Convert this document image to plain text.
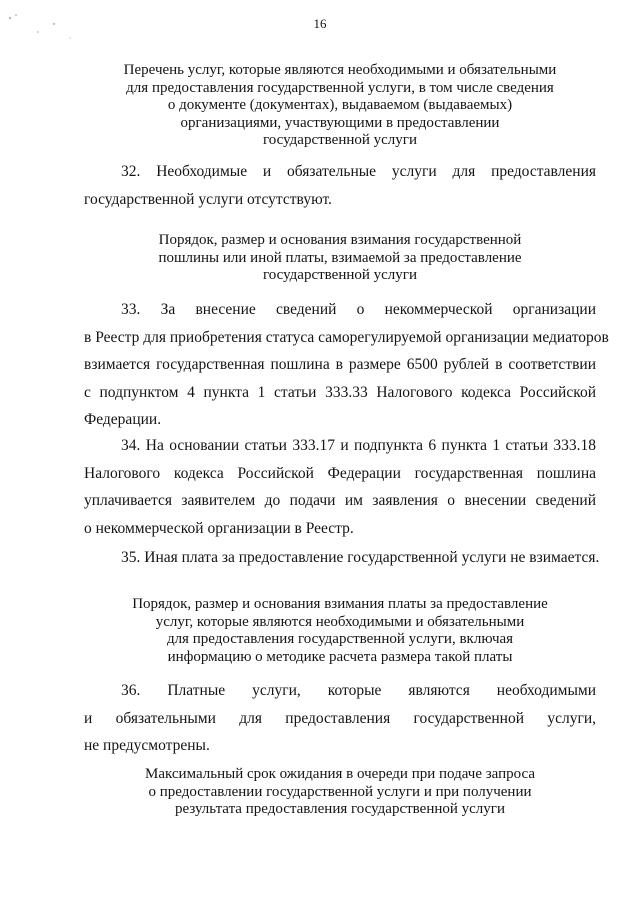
16
Перечень услуг, которые являются необходимыми и обязательными
для предоставления государственной услуги, в том числе сведения
о документе (документах), выдаваемом (выдаваемых)
организациями, участвующими в предоставлении
государственной услуги
32. Необходимые и обязательные услуги для предоставления
государственной услуги отсутствуют.
Порядок, размер и основания взимания государственной
пошлины или иной платы, взимаемой за предоставление
государственной услуги
33. За внесение сведений о некоммерческой организации
в Реестр для приобретения статуса саморегулируемой организации медиаторов
взимается государственная пошлина в размере 6500 рублей в соответствии
с подпунктом 4 пункта 1 статьи 333.33 Налогового кодекса Российской
Федерации.
34. На основании статьи 333.17 и подпункта 6 пункта 1 статьи 333.18
Налогового кодекса Российской Федерации государственная пошлина
уплачивается заявителем до подачи им заявления о внесении сведений
о некоммерческой организации в Реестр.
35. Иная плата за предоставление государственной услуги не взимается.
Порядок, размер и основания взимания платы за предоставление
услуг, которые являются необходимыми и обязательными
для предоставления государственной услуги, включая
информацию о методике расчета размера такой платы
36. Платные услуги, которые являются необходимыми
и обязательными для предоставления государственной услуги,
не предусмотрены.
Максимальный срок ожидания в очереди при подаче запроса
о предоставлении государственной услуги и при получении
результата предоставления государственной услуги
